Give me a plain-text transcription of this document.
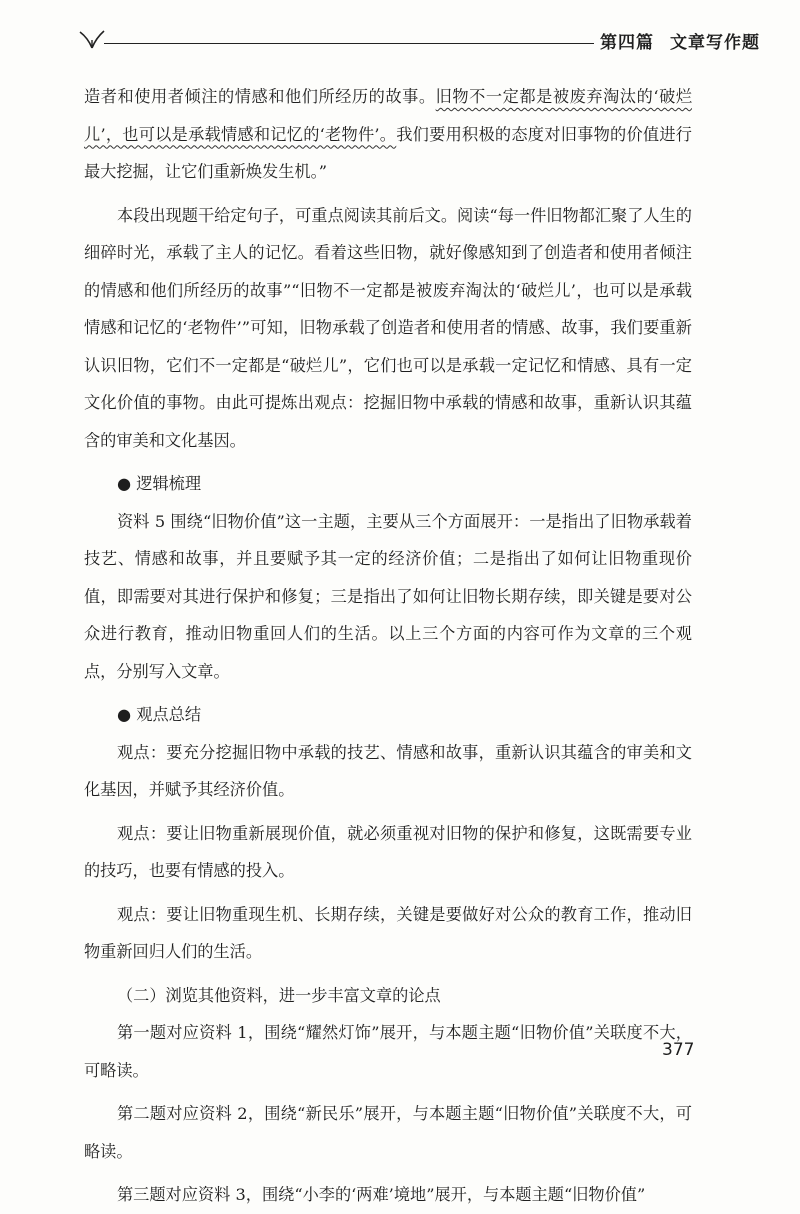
第四篇 文章写作题

造者和使用者倾注的情感和他们所经历的故事。旧物不一定都是被废弃淘汰的‘破烂儿’，也可以是承载情感和记忆的‘老物件’。我们要用积极的态度对旧事物的价值进行最大挖掘，让它们重新焕发生机。”

本段出现题干给定句子，可重点阅读其前后文。阅读“每一件旧物都汇聚了人生的细碎时光，承载了主人的记忆。看着这些旧物，就好像感知到了创造者和使用者倾注的情感和他们所经历的故事”“旧物不一定都是被废弃淘汰的‘破烂儿’，也可以是承载情感和记忆的‘老物件’”可知，旧物承载了创造者和使用者的情感、故事，我们要重新认识旧物，它们不一定都是“破烂儿”，它们也可以是承载一定记忆和情感、具有一定文化价值的事物。由此可提炼出观点：挖掘旧物中承载的情感和故事，重新认识其蕴含的审美和文化基因。

● 逻辑梳理

资料 5 围绕“旧物价值”这一主题，主要从三个方面展开：一是指出了旧物承载着技艺、情感和故事，并且要赋予其一定的经济价值；二是指出了如何让旧物重现价值，即需要对其进行保护和修复；三是指出了如何让旧物长期存续，即关键是要对公众进行教育，推动旧物重回人们的生活。以上三个方面的内容可作为文章的三个观点，分别写入文章。

● 观点总结

观点：要充分挖掘旧物中承载的技艺、情感和故事，重新认识其蕴含的审美和文化基因，并赋予其经济价值。

观点：要让旧物重新展现价值，就必须重视对旧物的保护和修复，这既需要专业的技巧，也要有情感的投入。

观点：要让旧物重现生机、长期存续，关键是要做好对公众的教育工作，推动旧物重新回归人们的生活。

（二）浏览其他资料，进一步丰富文章的论点

第一题对应资料 1，围绕“耀然灯饰”展开，与本题主题“旧物价值”关联度不大，可略读。

第二题对应资料 2，围绕“新民乐”展开，与本题主题“旧物价值”关联度不大，可略读。

第三题对应资料 3，围绕“小李的‘两难’境地”展开，与本题主题“旧物价值”

377
